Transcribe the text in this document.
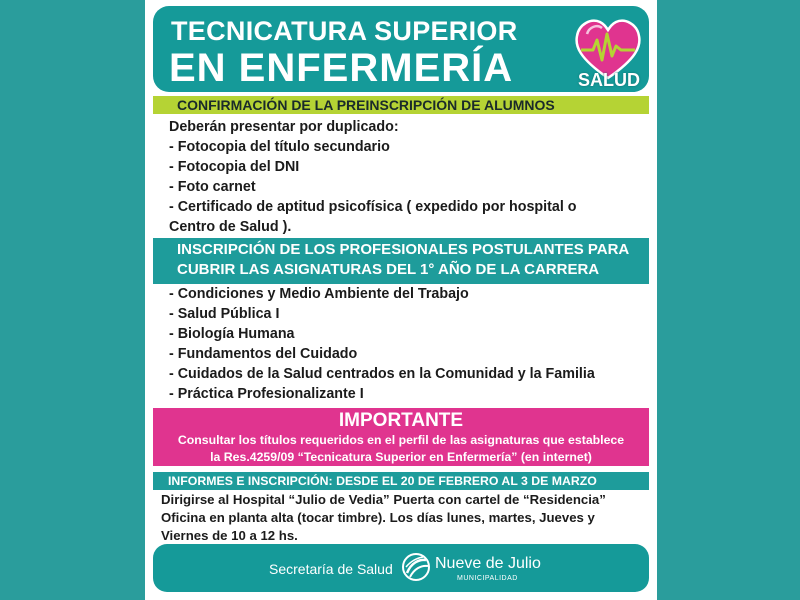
TECNICATURA SUPERIOR
EN ENFERMERÍA	SALUD
CONFIRMACIÓN DE LA PREINSCRIPCIÓN DE ALUMNOS
Deberán presentar por duplicado:
- Fotocopia del título secundario
- Fotocopia del DNI
- Foto carnet
- Certificado de aptitud psicofísica ( expedido por hospital o
Centro de Salud ).
INSCRIPCIÓN DE LOS PROFESIONALES POSTULANTES PARA
CUBRIR LAS ASIGNATURAS DEL 1° AÑO DE LA CARRERA
- Condiciones y Medio Ambiente del Trabajo
- Salud Pública I
- Biología Humana
- Fundamentos del Cuidado
- Cuidados de la Salud centrados en la Comunidad y la Familia
- Práctica Profesionalizante I
IMPORTANTE
Consultar los títulos requeridos en el perfil de las asignaturas que establece
la Res.4259/09 “Tecnicatura Superior en Enfermería” (en internet)
INFORMES E INSCRIPCIÓN: DESDE EL 20 DE FEBRERO AL 3 DE MARZO
Dirigirse al Hospital “Julio de Vedia” Puerta con cartel de “Residencia”
Oficina en planta alta (tocar timbre). Los días lunes, martes, Jueves y
Viernes de 10 a 12 hs.
Secretaría de Salud	Nueve de Julio
MUNICIPALIDAD
